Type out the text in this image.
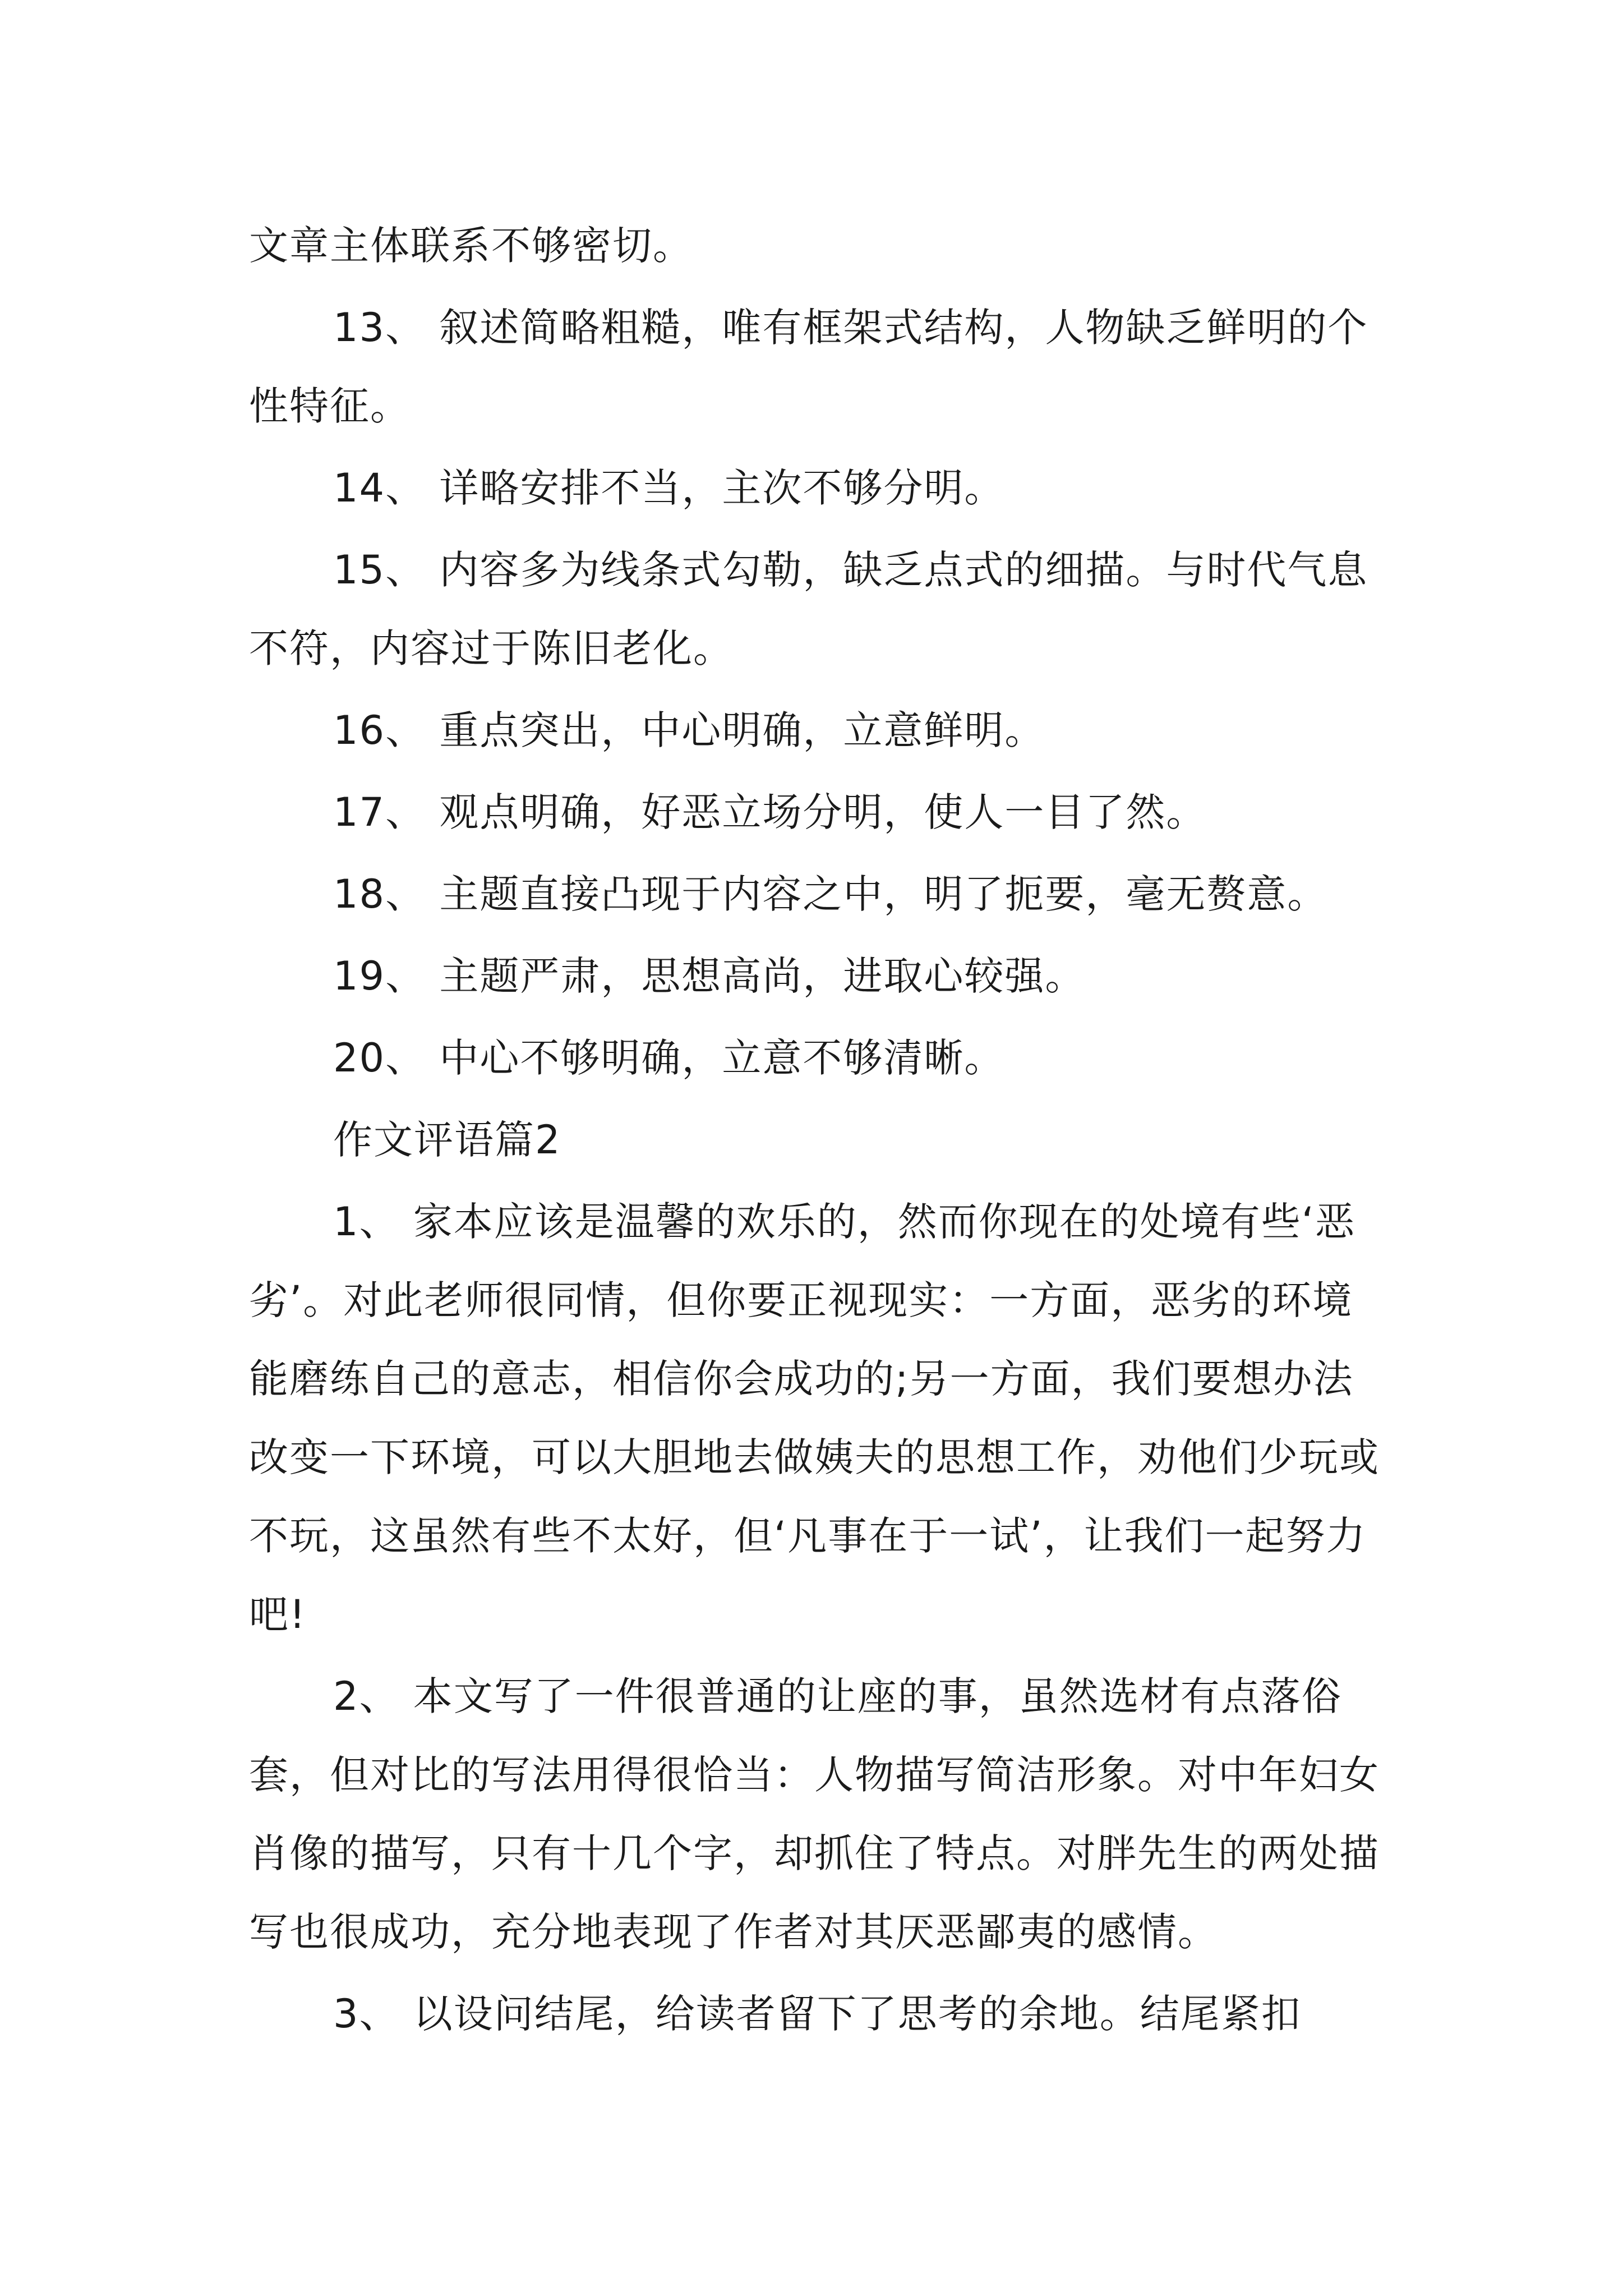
文章主体联系不够密切。

13、 叙述简略粗糙，唯有框架式结构，人物缺乏鲜明的个性特征。

14、 详略安排不当，主次不够分明。

15、 内容多为线条式勾勒，缺乏点式的细描。与时代气息不符，内容过于陈旧老化。

16、 重点突出，中心明确，立意鲜明。

17、 观点明确，好恶立场分明，使人一目了然。

18、 主题直接凸现于内容之中，明了扼要，毫无赘意。

19、 主题严肃，思想高尚，进取心较强。

20、 中心不够明确，立意不够清晰。

作文评语篇2

1、 家本应该是温馨的欢乐的，然而你现在的处境有些‘恶劣’。对此老师很同情，但你要正视现实：一方面，恶劣的环境能磨练自己的意志，相信你会成功的;另一方面，我们要想办法改变一下环境，可以大胆地去做姨夫的思想工作，劝他们少玩或不玩，这虽然有些不太好，但‘凡事在于一试’，让我们一起努力吧!

2、 本文写了一件很普通的让座的事，虽然选材有点落俗套，但对比的写法用得很恰当：人物描写简洁形象。对中年妇女肖像的描写，只有十几个字，却抓住了特点。对胖先生的两处描写也很成功，充分地表现了作者对其厌恶鄙夷的感情。

3、 以设问结尾，给读者留下了思考的余地。结尾紧扣
